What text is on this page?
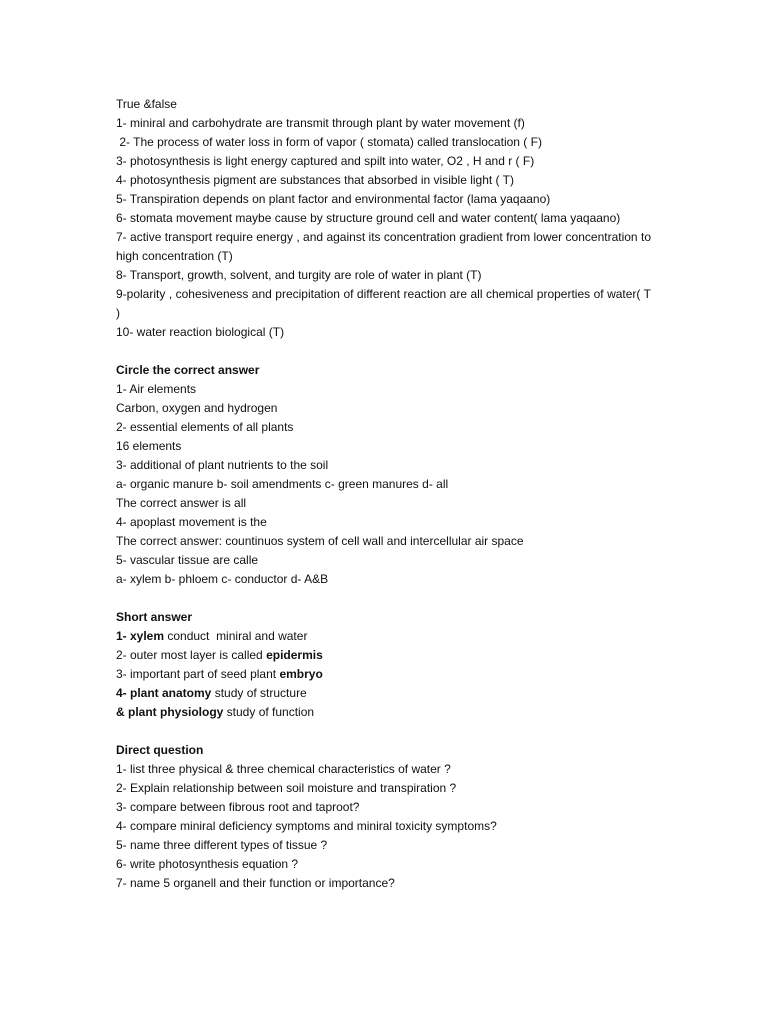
True &false

1- miniral and carbohydrate are transmit through plant by water movement (f)

2- The process of water loss in form of vapor ( stomata) called translocation ( F)

3- photosynthesis is light energy captured and spilt into water, O2 , H and r ( F)

4- photosynthesis pigment are substances that absorbed in visible light ( T)

5- Transpiration depends on plant factor and environmental factor (lama yaqaano)

6- stomata movement maybe cause by structure ground cell and water content( lama yaqaano)

7- active transport require energy , and against its concentration gradient from lower concentration to high concentration (T)

8- Transport, growth, solvent, and turgity are role of water in plant (T)

9-polarity , cohesiveness and precipitation of different reaction are all chemical properties of water( T )

10- water reaction biological (T)

Circle the correct answer

1- Air elements

Carbon, oxygen and hydrogen

2- essential elements of all plants

16 elements

3- additional of plant nutrients to the soil

a- organic manure b- soil amendments c- green manures d- all

The correct answer is all

4- apoplast movement is the

The correct answer: countinuos system of cell wall and intercellular air space

5- vascular tissue are calle

a- xylem b- phloem c- conductor d- A&B

Short answer

1- xylem conduct  miniral and water

2- outer most layer is called epidermis

3- important part of seed plant embryo

4- plant anatomy study of structure

& plant physiology study of function

Direct question

1- list three physical & three chemical characteristics of water ?

2- Explain relationship between soil moisture and transpiration ?

3- compare between fibrous root and taproot?

4- compare miniral deficiency symptoms and miniral toxicity symptoms?

5- name three different types of tissue ?

6- write photosynthesis equation ?

7- name 5 organell and their function or importance?
